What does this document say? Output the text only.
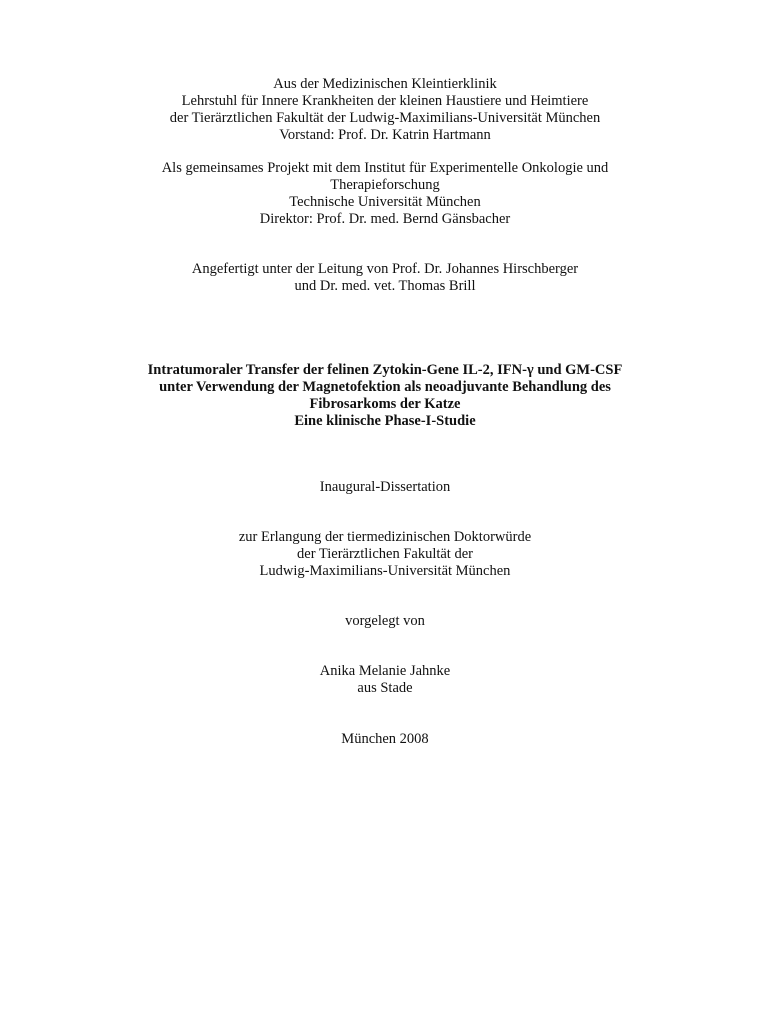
Aus der Medizinischen Kleintierklinik
Lehrstuhl für Innere Krankheiten der kleinen Haustiere und Heimtiere
der Tierärztlichen Fakultät der Ludwig-Maximilians-Universität München
Vorstand: Prof. Dr. Katrin Hartmann
Als gemeinsames Projekt mit dem Institut für Experimentelle Onkologie und
Therapieforschung
Technische Universität München
Direktor: Prof. Dr. med. Bernd Gänsbacher
Angefertigt unter der Leitung von Prof. Dr. Johannes Hirschberger
und Dr. med. vet. Thomas Brill
Intratumoraler Transfer der felinen Zytokin-Gene IL-2, IFN-γ und GM-CSF
unter Verwendung der Magnetofektion als neoadjuvante Behandlung des
Fibrosarkoms der Katze
Eine klinische Phase-I-Studie
Inaugural-Dissertation
zur Erlangung der tiermedizinischen Doktorwürde
der Tierärztlichen Fakultät der
Ludwig-Maximilians-Universität München
vorgelegt von
Anika Melanie Jahnke
aus Stade
München 2008
